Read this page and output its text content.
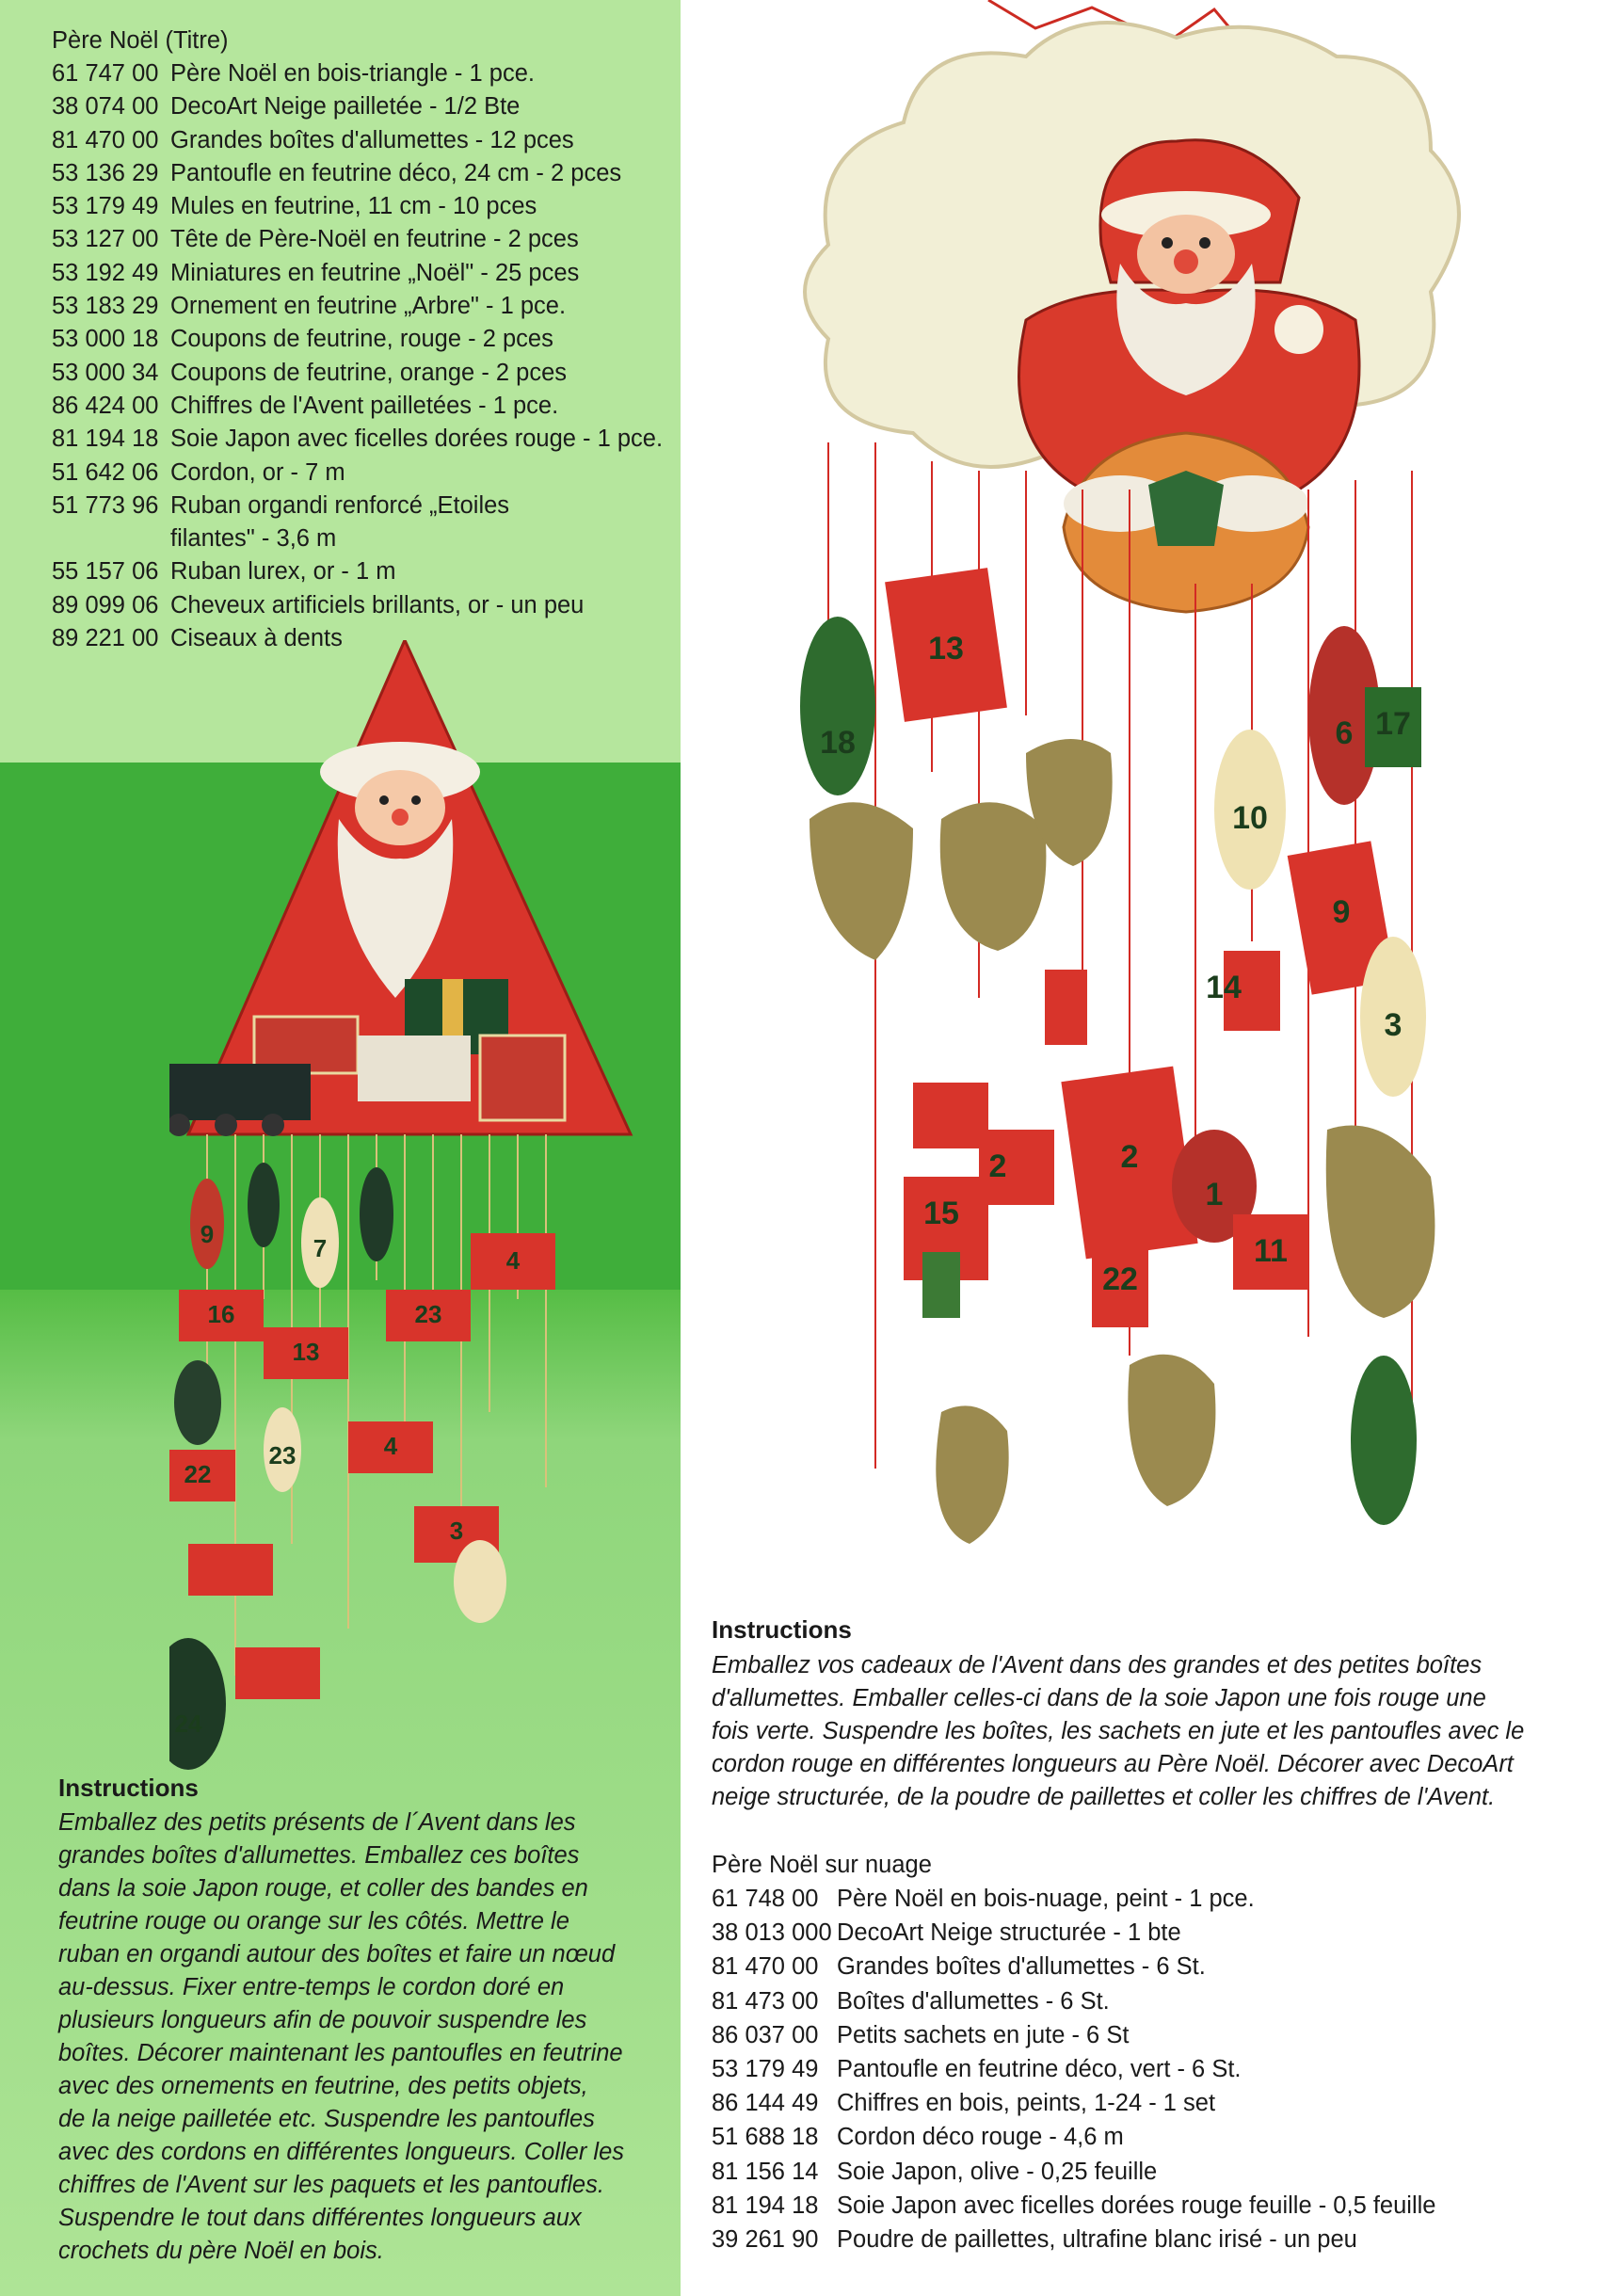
Père Noël (Titre)
61 747 00 Père Noël en bois-triangle - 1 pce.
38 074 00 DecoArt Neige pailletée - 1/2 Bte
81 470 00 Grandes boîtes d'allumettes - 12 pces
53 136 29 Pantoufle en feutrine déco, 24 cm - 2 pces
53 179 49 Mules en feutrine, 11 cm - 10 pces
53 127 00 Tête de Père-Noël en feutrine - 2 pces
53 192 49 Miniatures en feutrine „Noël" - 25 pces
53 183 29 Ornement en feutrine „Arbre" - 1 pce.
53 000 18 Coupons de feutrine, rouge - 2 pces
53 000 34 Coupons de feutrine, orange - 2 pces
86 424 00 Chiffres de l'Avent pailletées - 1 pce.
81 194 18 Soie Japon avec ficelles dorées rouge - 1 pce.
51 642 06 Cordon, or - 7 m
51 773 96 Ruban organdi renforcé „Etoiles
filantes" - 3,6 m
55 157 06 Ruban lurex, or - 1 m
89 099 06 Cheveux artificiels brillants, or - un peu
89 221 00 Ciseaux à dents
9	7
16	23
4
13
22
23	4
3
24
Instructions
Emballez des petits présents de l´Avent dans les
grandes boîtes d'allumettes. Emballez ces boîtes
dans la soie Japon rouge, et coller des bandes en
feutrine rouge ou orange sur les côtés. Mettre le
ruban en organdi autour des boîtes et faire un nœud
au-dessus. Fixer entre-temps le cordon doré en
plusieurs longueurs afin de pouvoir suspendre les
boîtes. Décorer maintenant les pantoufles en feutrine
avec des ornements en feutrine, des petits objets,
de la neige pailletée etc. Suspendre les pantoufles
avec des cordons en différentes longueurs. Coller les
chiffres de l'Avent sur les paquets et les pantoufles.
Suspendre le tout dans différentes longueurs aux
crochets du père Noël en bois.
18
13
6 17
10
9
14
3
2
15
2
11
22
1
Instructions
Emballez vos cadeaux de l'Avent dans des grandes et des petites boîtes
d'allumettes. Emballer celles-ci dans de la soie Japon une fois rouge une
fois verte. Suspendre les boîtes, les sachets en jute et les pantoufles avec le
cordon rouge en différentes longueurs au Père Noël. Décorer avec DecoArt
neige structurée, de la poudre de paillettes et coller les chiffres de l'Avent.
Père Noël sur nuage
61 748 00 Père Noël en bois-nuage, peint - 1 pce.
38 013 000 DecoArt Neige structurée - 1 bte
81 470 00 Grandes boîtes d'allumettes - 6 St.
81 473 00 Boîtes d'allumettes - 6 St.
86 037 00 Petits sachets en jute - 6 St
53 179 49 Pantoufle en feutrine déco, vert - 6 St.
86 144 49 Chiffres en bois, peints, 1-24 - 1 set
51 688 18 Cordon déco rouge - 4,6 m
81 156 14 Soie Japon, olive - 0,25 feuille
81 194 18 Soie Japon avec ficelles dorées rouge feuille - 0,5 feuille
39 261 90 Poudre de paillettes, ultrafine blanc irisé - un peu
